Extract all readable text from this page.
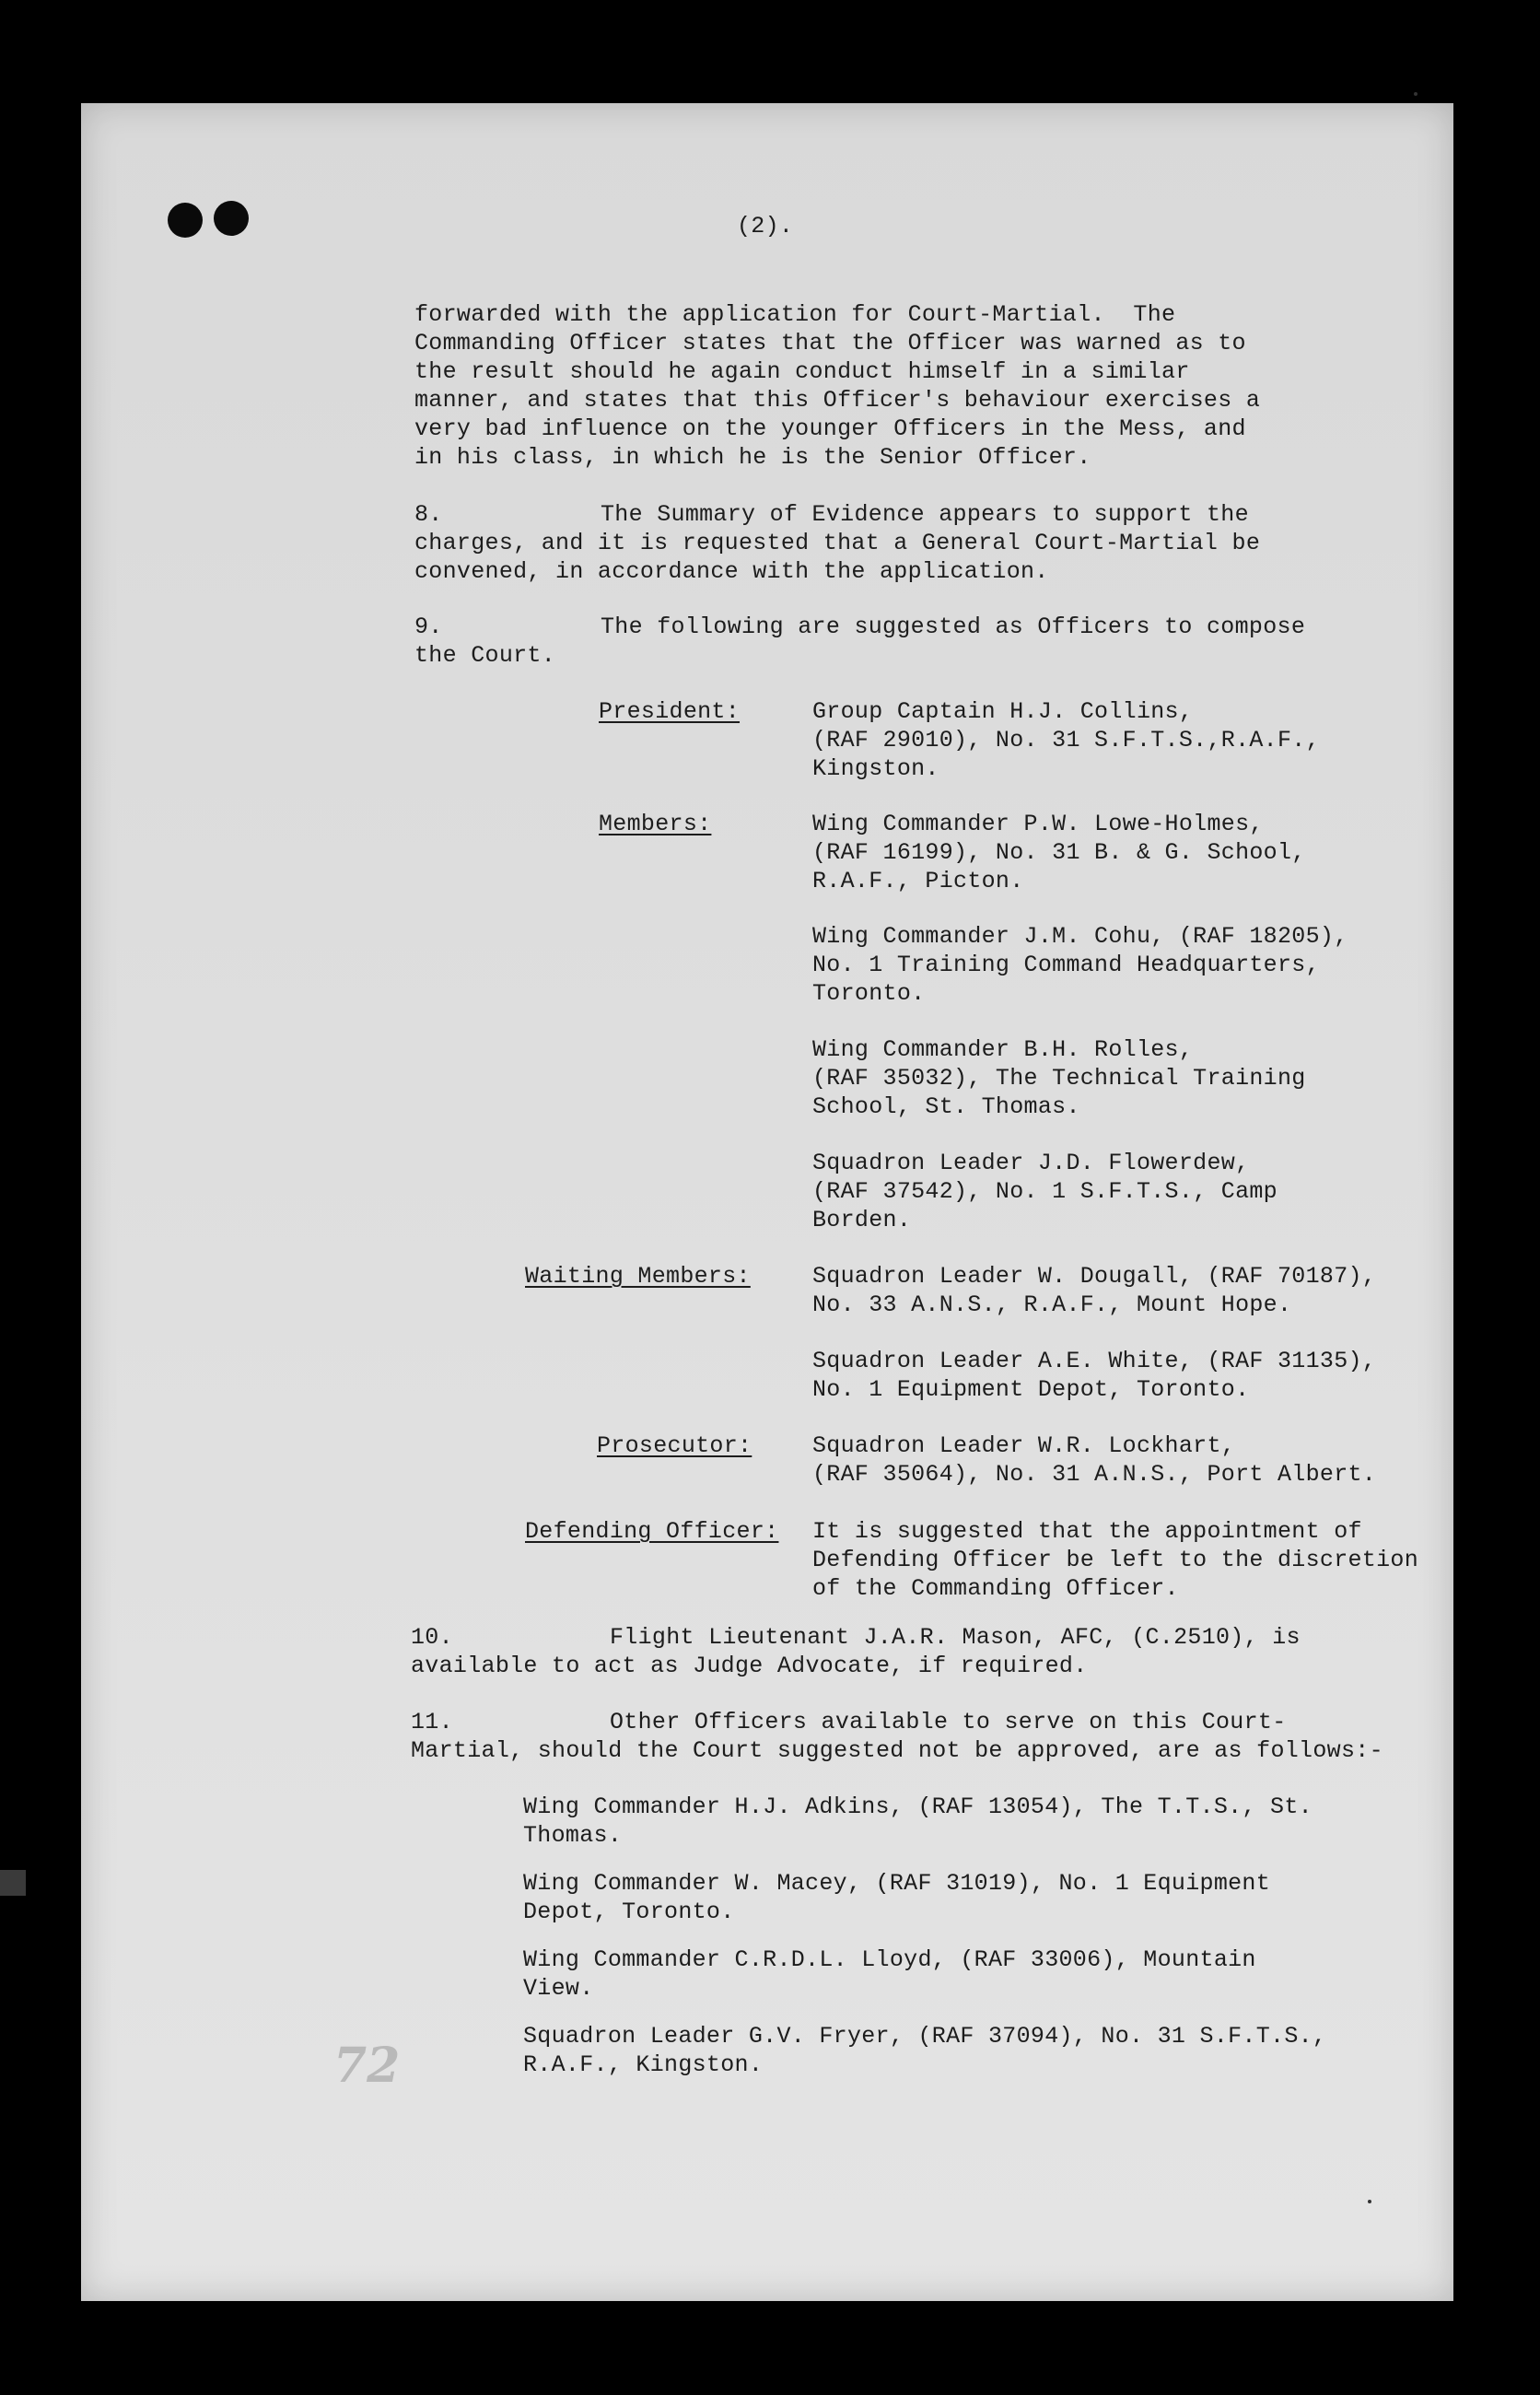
(2).

forwarded with the application for Court-Martial.  The

Commanding Officer states that the Officer was warned as to

the result should he again conduct himself in a similar

manner, and states that this Officer's behaviour exercises a

very bad influence on the younger Officers in the Mess, and

in his class, in which he is the Senior Officer.

8.	The Summary of Evidence appears to support the

charges, and it is requested that a General Court-Martial be

convened, in accordance with the application.

9.	The following are suggested as Officers to compose

the Court.

President:	Group Captain H.J. Collins,

(RAF 29010), No. 31 S.F.T.S.,R.A.F.,

Kingston.

Members:	Wing Commander P.W. Lowe-Holmes,

(RAF 16199), No. 31 B. & G. School,

R.A.F., Picton.

Wing Commander J.M. Cohu, (RAF 18205),

No. 1 Training Command Headquarters,

Toronto.

Wing Commander B.H. Rolles,

(RAF 35032), The Technical Training

School, St. Thomas.

Squadron Leader J.D. Flowerdew,

(RAF 37542), No. 1 S.F.T.S., Camp

Borden.

Waiting Members:	Squadron Leader W. Dougall, (RAF 70187),

No. 33 A.N.S., R.A.F., Mount Hope.

Squadron Leader A.E. White, (RAF 31135),

No. 1 Equipment Depot, Toronto.

Prosecutor:	Squadron Leader W.R. Lockhart,

(RAF 35064), No. 31 A.N.S., Port Albert.

Defending Officer: It is suggested that the appointment of

Defending Officer be left to the discretion

of the Commanding Officer.

10.	Flight Lieutenant J.A.R. Mason, AFC, (C.2510), is

available to act as Judge Advocate, if required.

11.	Other Officers available to serve on this Court-

Martial, should the Court suggested not be approved, are as follows:-

Wing Commander H.J. Adkins, (RAF 13054), The T.T.S., St.

Thomas.

Wing Commander W. Macey, (RAF 31019), No. 1 Equipment

Depot, Toronto.

Wing Commander C.R.D.L. Lloyd, (RAF 33006), Mountain

View.

Squadron Leader G.V. Fryer, (RAF 37094), No. 31 S.F.T.S.,

R.A.F., Kingston.

72
